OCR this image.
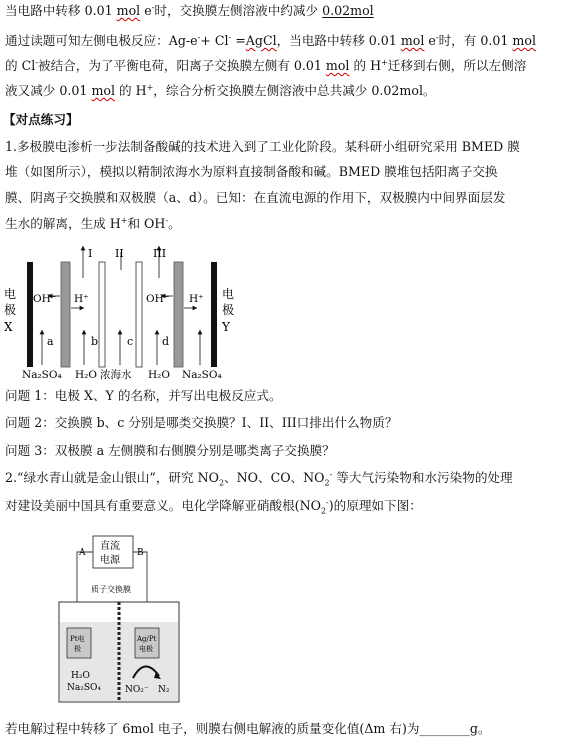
当电路中转移 0.01 mol e-时，交换膜左侧溶液中约减少 0.02mol
通过读题可知左侧电极反应：Ag-e-+ Cl- =AgCl，当电路中转移 0.01 mol e-时，有 0.01 mol
的 Cl-被结合，为了平衡电荷，阳离子交换膜左侧有 0.01 mol 的 H+迁移到右侧，所以左侧溶
液又减少 0.01 mol 的 H+，综合分析交换膜左侧溶液中总共减少 0.02mol。
【对点练习】
1.多极膜电渗析一步法制备酸碱的技术进入到了工业化阶段。某科研小组研究采用 BMED 膜
堆（如图所示），模拟以精制浓海水为原料直接制备酸和碱。BMED 膜堆包括阳离子交换
膜、阴离子交换膜和双极膜（a、d）。已知：在直流电源的作用下，双极膜内中间界面层发
生水的解离，生成 H+和 OH-。
电
极
X
电
极
Y
OH⁻ H⁺	OH⁻ H⁺
I II	III
a	b	c	d
Na₂SO₄ H₂O 浓海水 H₂O Na₂SO₄
问题 1：电极 X、Y 的名称，并写出电极反应式。
问题 2：交换膜 b、c 分别是哪类交换膜？I、II、III口排出什么物质？
问题 3：双极膜 a 左侧膜和右侧膜分别是哪类离子交换膜？
2.“绿水青山就是金山银山”，研究 $NO_2$、NO、CO、$NO_2^-$ 等大气污染物和水污染物的处理
对建设美丽中国具有重要意义。电化学降解亚硝酸根$(NO_2^-)$的原理如下图：
直流
电源
A	B
质子交换膜
Pt电
极
Ag/Pt
电极
H₂O
Na₂SO₄	NO₂⁻ N₂
若电解过程中转移了 6mol 电子，则膜右侧电解液的质量变化值(Δm 右)为________g。
